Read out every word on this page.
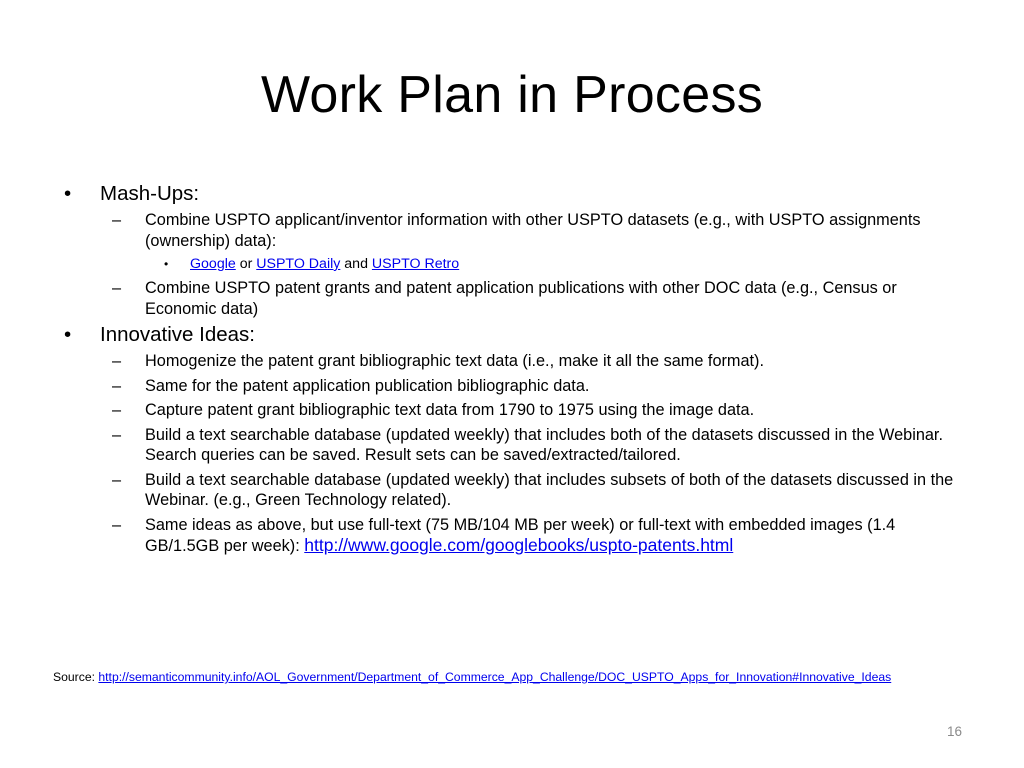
Work Plan in Process
• Mash-Ups:
– Combine USPTO applicant/inventor information with other USPTO datasets (e.g., with USPTO assignments (ownership) data):
• Google or USPTO Daily and USPTO Retro
– Combine USPTO patent grants and patent application publications with other DOC data (e.g., Census or Economic data)
• Innovative Ideas:
– Homogenize the patent grant bibliographic text data (i.e., make it all the same format).
– Same for the patent application publication bibliographic data.
– Capture patent grant bibliographic text data from 1790 to 1975 using the image data.
– Build a text searchable database (updated weekly) that includes both of the datasets discussed in the Webinar. Search queries can be saved. Result sets can be saved/extracted/tailored.
– Build a text searchable database (updated weekly) that includes subsets of both of the datasets discussed in the Webinar. (e.g., Green Technology related).
– Same ideas as above, but use full-text (75 MB/104 MB per week) or full-text with embedded images (1.4 GB/1.5GB per week): http://www.google.com/googlebooks/uspto-patents.html
Source: http://semanticommunity.info/AOL_Government/Department_of_Commerce_App_Challenge/DOC_USPTO_Apps_for_Innovation#Innovative_Ideas
16
